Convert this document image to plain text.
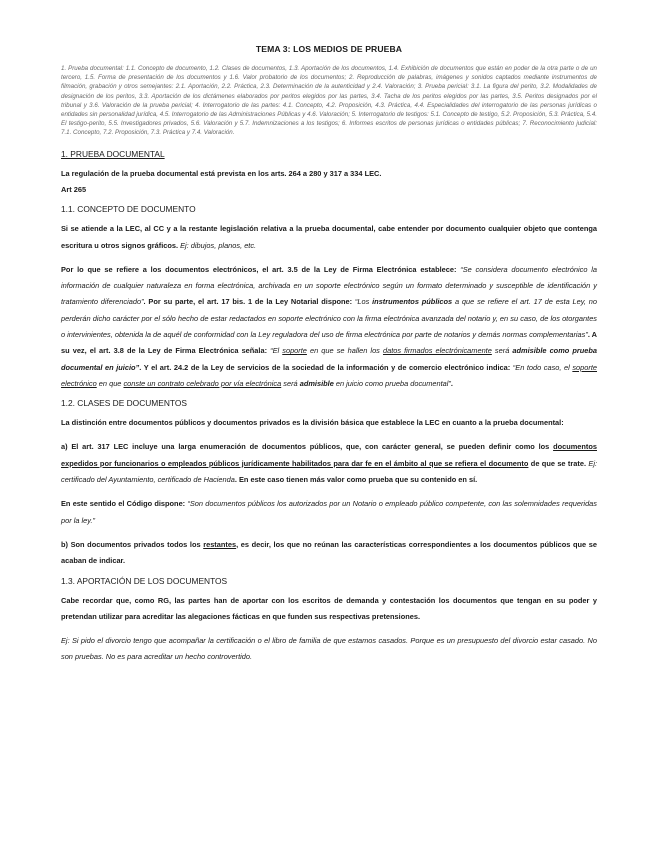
TEMA 3: LOS MEDIOS DE PRUEBA
1. Prueba documental: 1.1. Concepto de documento, 1.2. Clases de documentos, 1.3. Aportación de los documentos, 1.4. Exhibición de documentos que están en poder de la otra parte o de un tercero, 1.5. Forma de presentación de los documentos y 1.6. Valor probatorio de los documentos; 2. Reproducción de palabras, imágenes y sonidos captados mediante instrumentos de filmación, grabación y otros semejantes: 2.1. Aportación, 2.2. Práctica, 2.3. Determinación de la autenticidad y 2.4. Valoración; 3. Prueba pericial: 3.1. La figura del perito, 3.2. Modalidades de designación de los peritos, 3.3. Aportación de los dictámenes elaborados por peritos elegidos por las partes, 3.4. Tacha de los peritos elegidos por las partes, 3.5. Peritos designados por el tribunal y 3.6. Valoración de la prueba pericial; 4. Interrogatorio de las partes: 4.1. Concepto, 4.2. Proposición, 4.3. Práctica, 4.4. Especialidades del interrogatorio de las personas jurídicas o entidades sin personalidad jurídica, 4.5. Interrogatorio de las Administraciones Públicas y 4.6. Valoración; 5. Interrogatorio de testigos: 5.1. Concepto de testigo, 5.2. Proposición, 5.3. Práctica, 5.4. El testigo-perito, 5.5. Investigadores privados, 5.6. Valoración y 5.7. Indemnizaciones a los testigos; 6. Informes escritos de personas jurídicas o entidades públicas; 7. Reconocimiento judicial: 7.1. Concepto, 7.2. Proposición, 7.3. Práctica y 7.4. Valoración.
1. PRUEBA DOCUMENTAL

La regulación de la prueba documental está prevista en los arts. 264 a 280 y 317 a 334 LEC.

Art 265

1.1. CONCEPTO DE DOCUMENTO

Si se atiende a la LEC, al CC y a la restante legislación relativa a la prueba documental, cabe entender por documento cualquier objeto que contenga escritura u otros signos gráficos. Ej: dibujos, planos, etc.

Por lo que se refiere a los documentos electrónicos, el art. 3.5 de la Ley de Firma Electrónica establece: “Se considera documento electrónico la información de cualquier naturaleza en forma electrónica, archivada en un soporte electrónico según un formato determinado y susceptible de identificación y tratamiento diferenciado”. Por su parte, el art. 17 bis. 1 de la Ley Notarial dispone: “Los instrumentos públicos a que se refiere el art. 17 de esta Ley, no perderán dicho carácter por el sólo hecho de estar redactados en soporte electrónico con la firma electrónica avanzada del notario y, en su caso, de los otorgantes o intervinientes, obtenida la de aquél de conformidad con la Ley reguladora del uso de firma electrónica por parte de notarios y demás normas complementarias”. A su vez, el art. 3.8 de la Ley de Firma Electrónica señala: “El soporte en que se hallen los datos firmados electrónicamente será admisible como prueba documental en juicio”. Y el art. 24.2 de la Ley de servicios de la sociedad de la información y de comercio electrónico indica: “En todo caso, el soporte electrónico en que conste un contrato celebrado por vía electrónica será admisible en juicio como prueba documental”.

1.2. CLASES DE DOCUMENTOS

La distinción entre documentos públicos y documentos privados es la división básica que establece la LEC en cuanto a la prueba documental:

a) El art. 317 LEC incluye una larga enumeración de documentos públicos, que, con carácter general, se pueden definir como los documentos expedidos por funcionarios o empleados públicos jurídicamente habilitados para dar fe en el ámbito al que se refiera el documento de que se trate. Ej: certificado del Ayuntamiento, certificado de Hacienda. En este caso tienen más valor como prueba que su contenido en sí.

En este sentido el Código dispone: “Son documentos públicos los autorizados por un Notario o empleado público competente, con las solemnidades requeridas por la ley.”

b) Son documentos privados todos los restantes, es decir, los que no reúnan las características correspondientes a los documentos públicos que se acaban de indicar.

1.3. APORTACIÓN DE LOS DOCUMENTOS

Cabe recordar que, como RG, las partes han de aportar con los escritos de demanda y contestación los documentos que tengan en su poder y pretendan utilizar para acreditar las alegaciones fácticas en que funden sus respectivas pretensiones.

Ej: Si pido el divorcio tengo que acompañar la certificación o el libro de familia de que estamos casados. Porque es un presupuesto del divorcio estar casado. No son pruebas. No es para acreditar un hecho controvertido.
